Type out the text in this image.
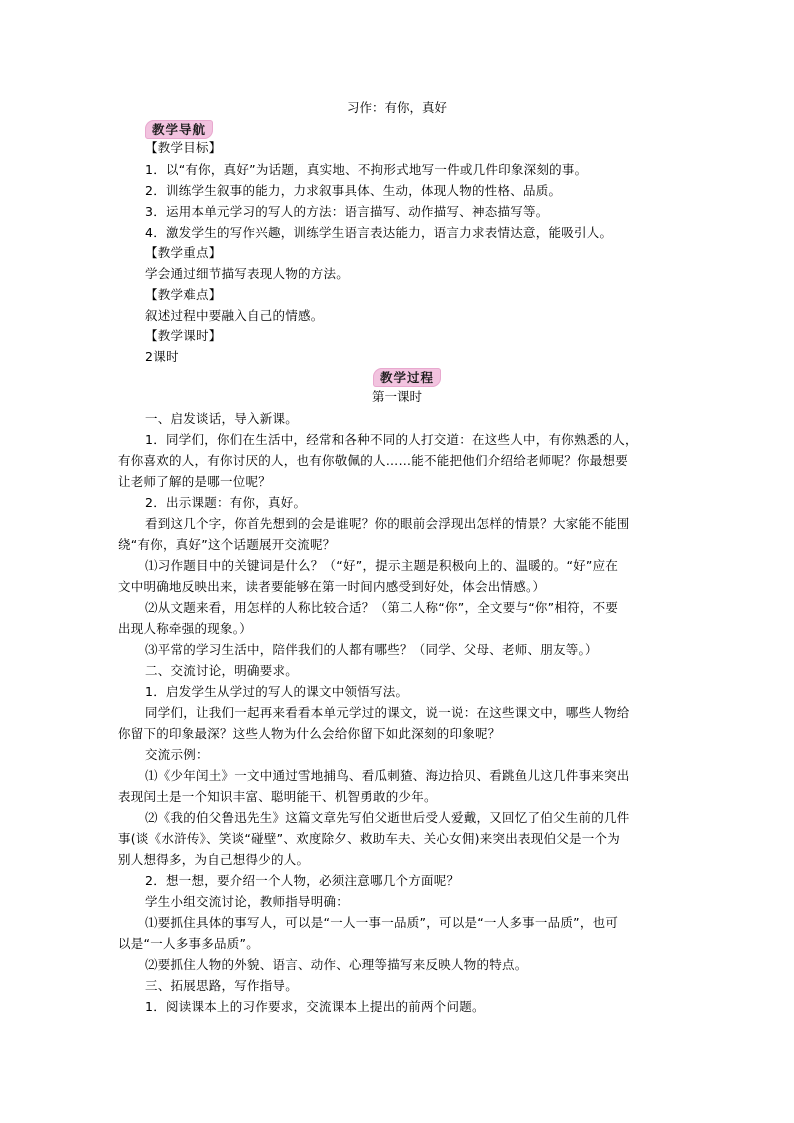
习作：有你，真好
教学导航
【教学目标】
1．以“有你，真好”为话题，真实地、不拘形式地写一件或几件印象深刻的事。
2．训练学生叙事的能力，力求叙事具体、生动，体现人物的性格、品质。
3．运用本单元学习的写人的方法：语言描写、动作描写、神态描写等。
4．激发学生的写作兴趣，训练学生语言表达能力，语言力求表情达意，能吸引人。
【教学重点】
学会通过细节描写表现人物的方法。
【教学难点】
叙述过程中要融入自己的情感。
【教学课时】
2课时
教学过程
第一课时
一、启发谈话，导入新课。
1．同学们，你们在生活中，经常和各种不同的人打交道：在这些人中，有你熟悉的人，
有你喜欢的人，有你讨厌的人，也有你敬佩的人……能不能把他们介绍给老师呢？你最想要
让老师了解的是哪一位呢？
2．出示课题：有你，真好。
看到这几个字，你首先想到的会是谁呢？你的眼前会浮现出怎样的情景？大家能不能围
绕“有你，真好”这个话题展开交流呢？
⑴习作题目中的关键词是什么？（“好”，提示主题是积极向上的、温暖的。“好”应在
文中明确地反映出来，读者要能够在第一时间内感受到好处，体会出情感。）
⑵从文题来看，用怎样的人称比较合适？（第二人称“你”，全文要与“你”相符，不要
出现人称牵强的现象。）
⑶平常的学习生活中，陪伴我们的人都有哪些？（同学、父母、老师、朋友等。）
二、交流讨论，明确要求。
1．启发学生从学过的写人的课文中领悟写法。
同学们，让我们一起再来看看本单元学过的课文，说一说：在这些课文中，哪些人物给
你留下的印象最深？这些人物为什么会给你留下如此深刻的印象呢？
交流示例：
⑴《少年闰土》一文中通过雪地捕鸟、看瓜刺猹、海边拾贝、看跳鱼儿这几件事来突出
表现闰土是一个知识丰富、聪明能干、机智勇敢的少年。
⑵《我的伯父鲁迅先生》这篇文章先写伯父逝世后受人爱戴，又回忆了伯父生前的几件
事(谈《水浒传》、笑谈“碰壁”、欢度除夕、救助车夫、关心女佣)来突出表现伯父是一个为
别人想得多，为自己想得少的人。
2．想一想，要介绍一个人物，必须注意哪几个方面呢？
学生小组交流讨论，教师指导明确：
⑴要抓住具体的事写人，可以是“一人一事一品质”，可以是“一人多事一品质”，也可
以是“一人多事多品质”。
⑵要抓住人物的外貌、语言、动作、心理等描写来反映人物的特点。
三、拓展思路，写作指导。
1．阅读课本上的习作要求，交流课本上提出的前两个问题。
